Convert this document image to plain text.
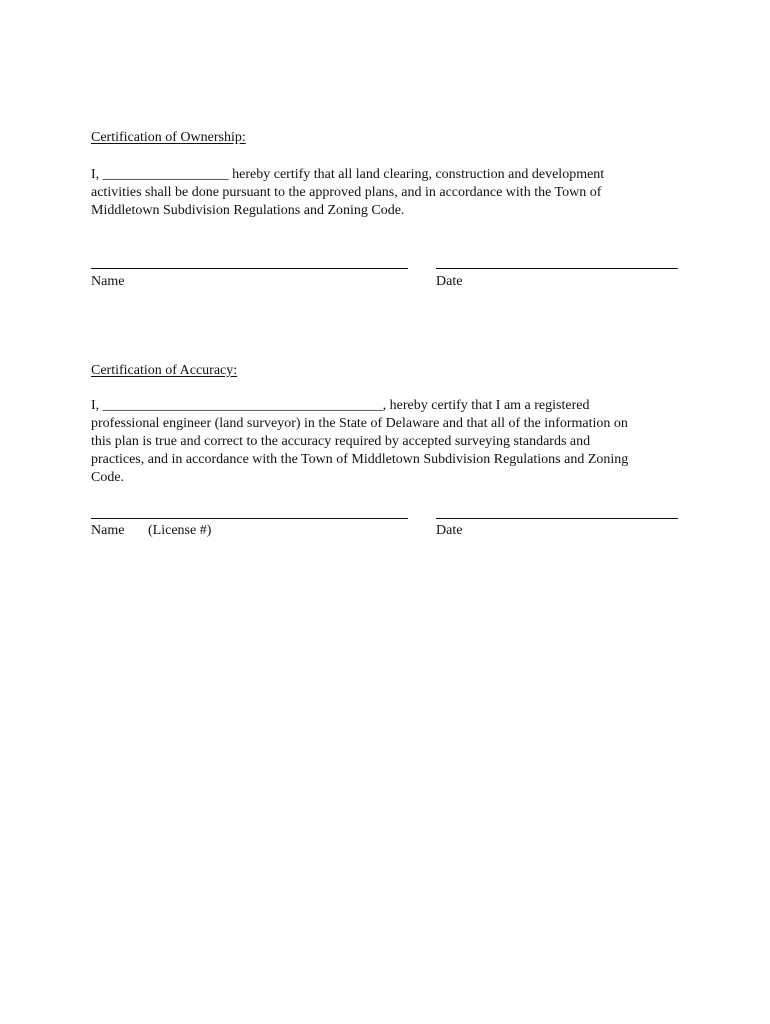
Certification of Ownership:
I, __________________ hereby certify that all land clearing, construction and development
activities shall be done pursuant to the approved plans, and in accordance with the Town of
Middletown Subdivision Regulations and Zoning Code.
Name	Date
Certification of Accuracy:
I, ________________________________________, hereby certify that I am a registered
professional engineer (land surveyor) in the State of Delaware and that all of the information on
this plan is true and correct to the accuracy required by accepted surveying standards and
practices, and in accordance with the Town of Middletown Subdivision Regulations and Zoning
Code.
Name (License #)	Date
